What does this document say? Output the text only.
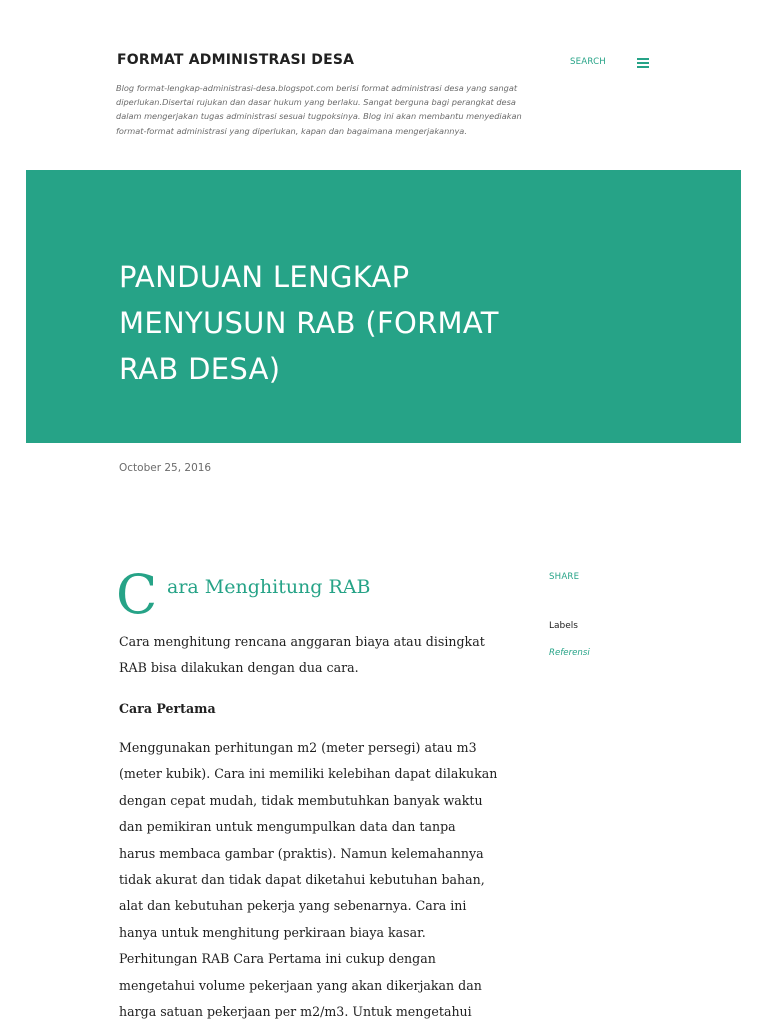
FORMAT ADMINISTRASI DESA
Blog format-lengkap-administrasi-desa.blogspot.com berisi format administrasi desa yang sangat diperlukan.Disertai rujukan dan dasar hukum yang berlaku. Sangat berguna bagi perangkat desa dalam mengerjakan tugas administrasi sesuai tugpoksinya. Blog ini akan membantu menyediakan format-format administrasi yang diperlukan, kapan dan bagaimana mengerjakannya.
SEARCH
PANDUAN LENGKAP MENYUSUN RAB (FORMAT RAB DESA)
October 25, 2016
C ara Menghitung RAB
Cara menghitung rencana anggaran biaya atau disingkat
RAB bisa dilakukan dengan dua cara.
Cara Pertama
Menggunakan perhitungan m2 (meter persegi) atau m3
(meter kubik). Cara ini memiliki kelebihan dapat dilakukan
dengan cepat mudah, tidak membutuhkan banyak waktu
dan pemikiran untuk mengumpulkan data dan tanpa
harus membaca gambar (praktis). Namun kelemahannya
tidak akurat dan tidak dapat diketahui kebutuhan bahan,
alat dan kebutuhan pekerja yang sebenarnya. Cara ini
hanya untuk menghitung perkiraan biaya kasar.
Perhitungan RAB Cara Pertama ini cukup dengan
mengetahui volume pekerjaan yang akan dikerjakan dan
harga satuan pekerjaan per m2/m3. Untuk mengetahui
SHARE
Labels
Referensi
